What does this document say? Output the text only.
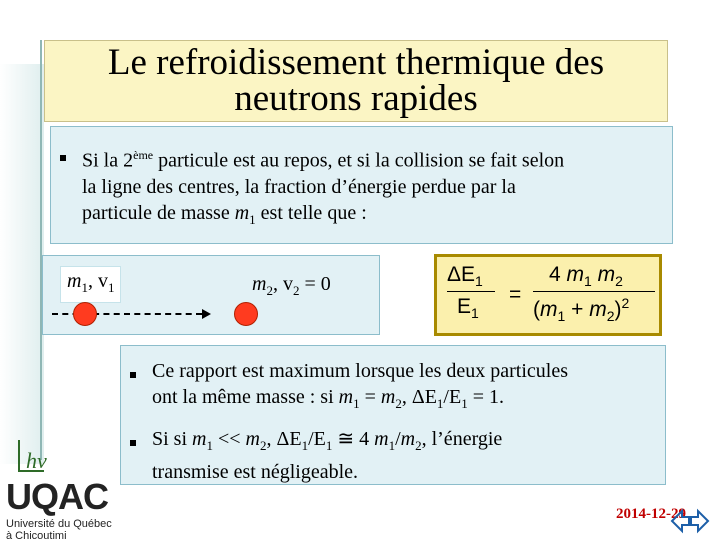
Le refroidissement thermique des
neutrons rapides
Si la 2ème particule est au repos, et si la collision se fait selon
la ligne des centres, la fraction d’énergie perdue par la
particule de masse $m_1$ est telle que :
$m_1$, $v_1$	$m_2$, $v_2 = 0$	$\Delta E_1$
$E_1$
=
4 $m_1$ $m_2$
$(m_1 + m_2)^2$
Ce rapport est maximum lorsque les deux particules
ont la même masse : si $m_1 = m_2$, $\Delta E_1/E_1 = 1$.
Si si $m_1 << m_2$, $\Delta E_1/E_1$ ≅ 4 $m_1/m_2$, l’énergie
transmise est négligeable.
hν
UQAC
Université du Québec
à Chicoutimi
2014-12-29
